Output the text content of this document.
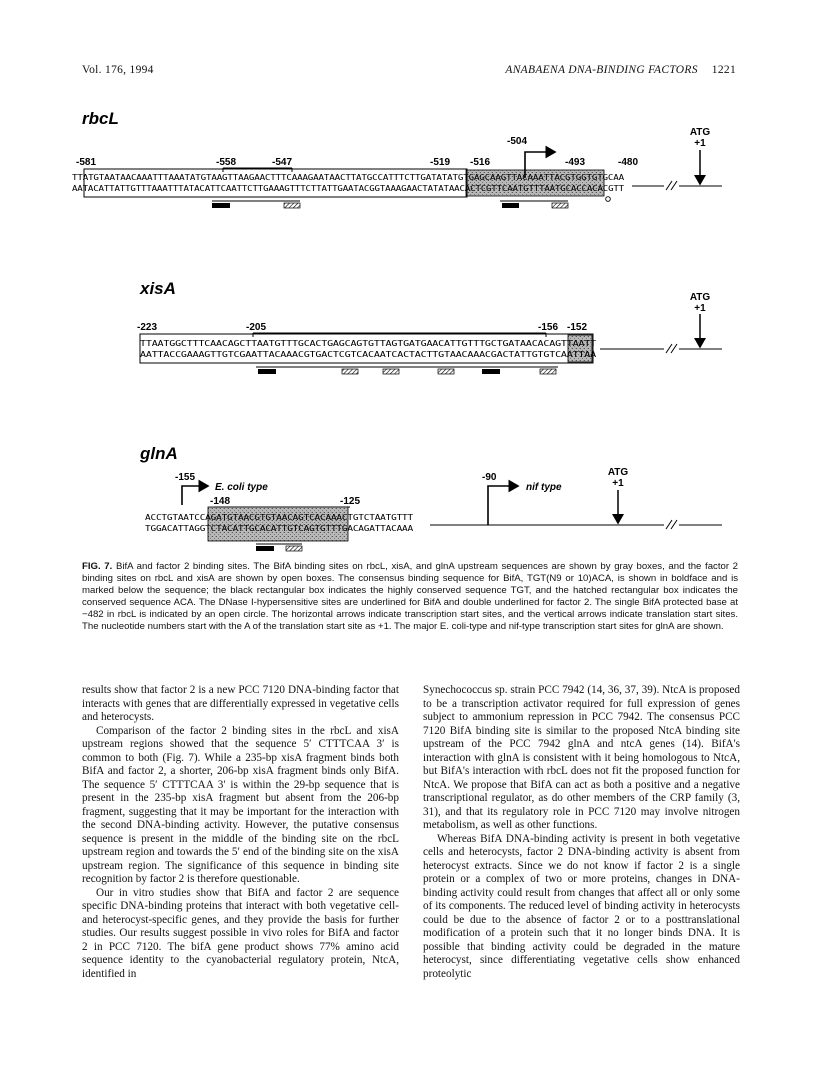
Vol. 176, 1994	ANABAENA DNA-BINDING FACTORS 1221
rbcL
-581	-558	-547	-519 -516
-504
-493	-480
TTATGTAATAACAAATTTAAATATGTAAGTTAAGAACTTTCAAAGAATAACTTATGCCATTTCTTGATATATGTGAGCAAGTTACAAATTACGTGGTGTGCAA
AATACATTATTGTTTAAATTTATACATTCAATTCTTGAAAGTTTCTTATTGAATACGGTAAAGAACTATATAACACTCGTTCAATGTTTAATGCACCACACGTT
ATG
+1
xisA
-223	-205	-156 -152
TTAATGGCTTTCAACAGCTTAATGTTTGCACTGAGCAGTGTTAGTGATGAACATTGTTTGCTGATAACACAGTTAATT
AATTACCGAAAGTTGTCGAATTACAAACGTGACTCGTCACAATCACTACTTGTAACAAACGACTATTGTGTCAATTAA
ATG
+1
glnA
-155
E. coli type
-148	-125
ACCTGTAATCCAGATGTAACGTGTAACAGTCACAAACTGTCTAATGTTT
TGGACATTAGGTCTACATTGCACATTGTCAGTGTTTGACAGATTACAAA
-90
nif type
ATG
+1
FIG. 7. BifA and factor 2 binding sites. The BifA binding sites on rbcL, xisA, and glnA upstream sequences are shown by gray boxes, and the factor 2 binding sites on rbcL and xisA are shown by open boxes. The consensus binding sequence for BifA, TGT(N9 or 10)ACA, is shown in boldface and is marked below the sequence; the black rectangular box indicates the highly conserved sequence TGT, and the hatched rectangular box indicates the conserved sequence ACA. The DNase I-hypersensitive sites are underlined for BifA and double underlined for factor 2. The single BifA protected base at −482 in rbcL is indicated by an open circle. The horizontal arrows indicate transcription start sites, and the vertical arrows indicate translation start sites. The nucleotide numbers start with the A of the translation start site as +1. The major E. coli-type and nif-type transcription start sites for glnA are shown.

results show that factor 2 is a new PCC 7120 DNA-binding factor that interacts with genes that are differentially expressed in vegetative cells and heterocysts.

Comparison of the factor 2 binding sites in the rbcL and xisA upstream regions showed that the sequence 5′ CTTTCAA 3′ is common to both (Fig. 7). While a 235-bp xisA fragment binds both BifA and factor 2, a shorter, 206-bp xisA fragment binds only BifA. The sequence 5′ CTTTCAA 3′ is within the 29-bp sequence that is present in the 235-bp xisA fragment but absent from the 206-bp fragment, suggesting that it may be important for the interaction with the second DNA-binding activity. However, the putative consensus sequence is present in the middle of the binding site on the rbcL upstream region and towards the 5′ end of the binding site on the xisA upstream region. The significance of this sequence in binding site recognition by factor 2 is therefore questionable.

Our in vitro studies show that BifA and factor 2 are sequence specific DNA-binding proteins that interact with both vegetative cell- and heterocyst-specific genes, and they provide the basis for further studies. Our results suggest possible in vivo roles for BifA and factor 2 in PCC 7120. The bifA gene product shows 77% amino acid sequence identity to the cyanobacterial regulatory protein, NtcA, identified in

Synechococcus sp. strain PCC 7942 (14, 36, 37, 39). NtcA is proposed to be a transcription activator required for full expression of genes subject to ammonium repression in PCC 7942. The consensus PCC 7120 BifA binding site is similar to the proposed NtcA binding site upstream of the PCC 7942 glnA and ntcA genes (14). BifA's interaction with glnA is consistent with it being homologous to NtcA, but BifA's interaction with rbcL does not fit the proposed function for NtcA. We propose that BifA can act as both a positive and a negative transcriptional regulator, as do other members of the CRP family (3, 31), and that its regulatory role in PCC 7120 may involve nitrogen metabolism, as well as other functions.

Whereas BifA DNA-binding activity is present in both vegetative cells and heterocysts, factor 2 DNA-binding activity is absent from heterocyst extracts. Since we do not know if factor 2 is a single protein or a complex of two or more proteins, changes in DNA-binding activity could result from changes that affect all or only some of its components. The reduced level of binding activity in heterocysts could be due to the absence of factor 2 or to a posttranslational modification of a protein such that it no longer binds DNA. It is possible that binding activity could be degraded in the mature heterocyst, since differentiating vegetative cells show enhanced proteolytic
